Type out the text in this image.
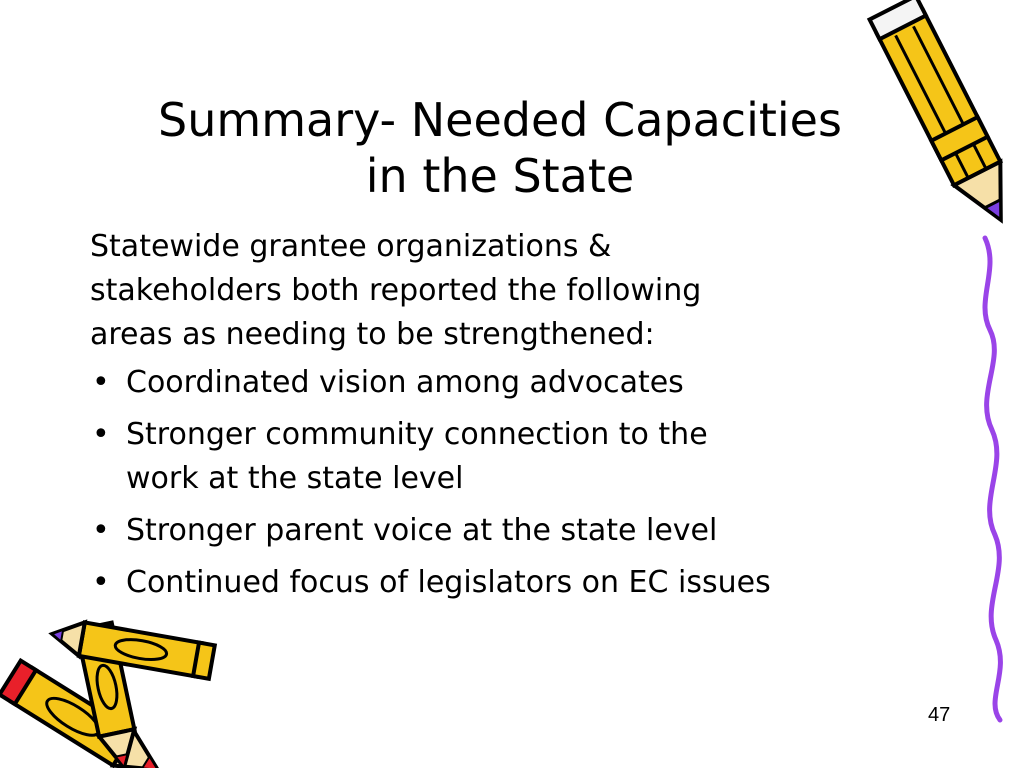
Summary- Needed Capacities
in the State

Statewide grantee organizations &
stakeholders both reported the following
areas as needing to be strengthened:

• Coordinated vision among advocates
• Stronger community connection to the
work at the state level
• Stronger parent voice at the state level
• Continued focus of legislators on EC issues
47
